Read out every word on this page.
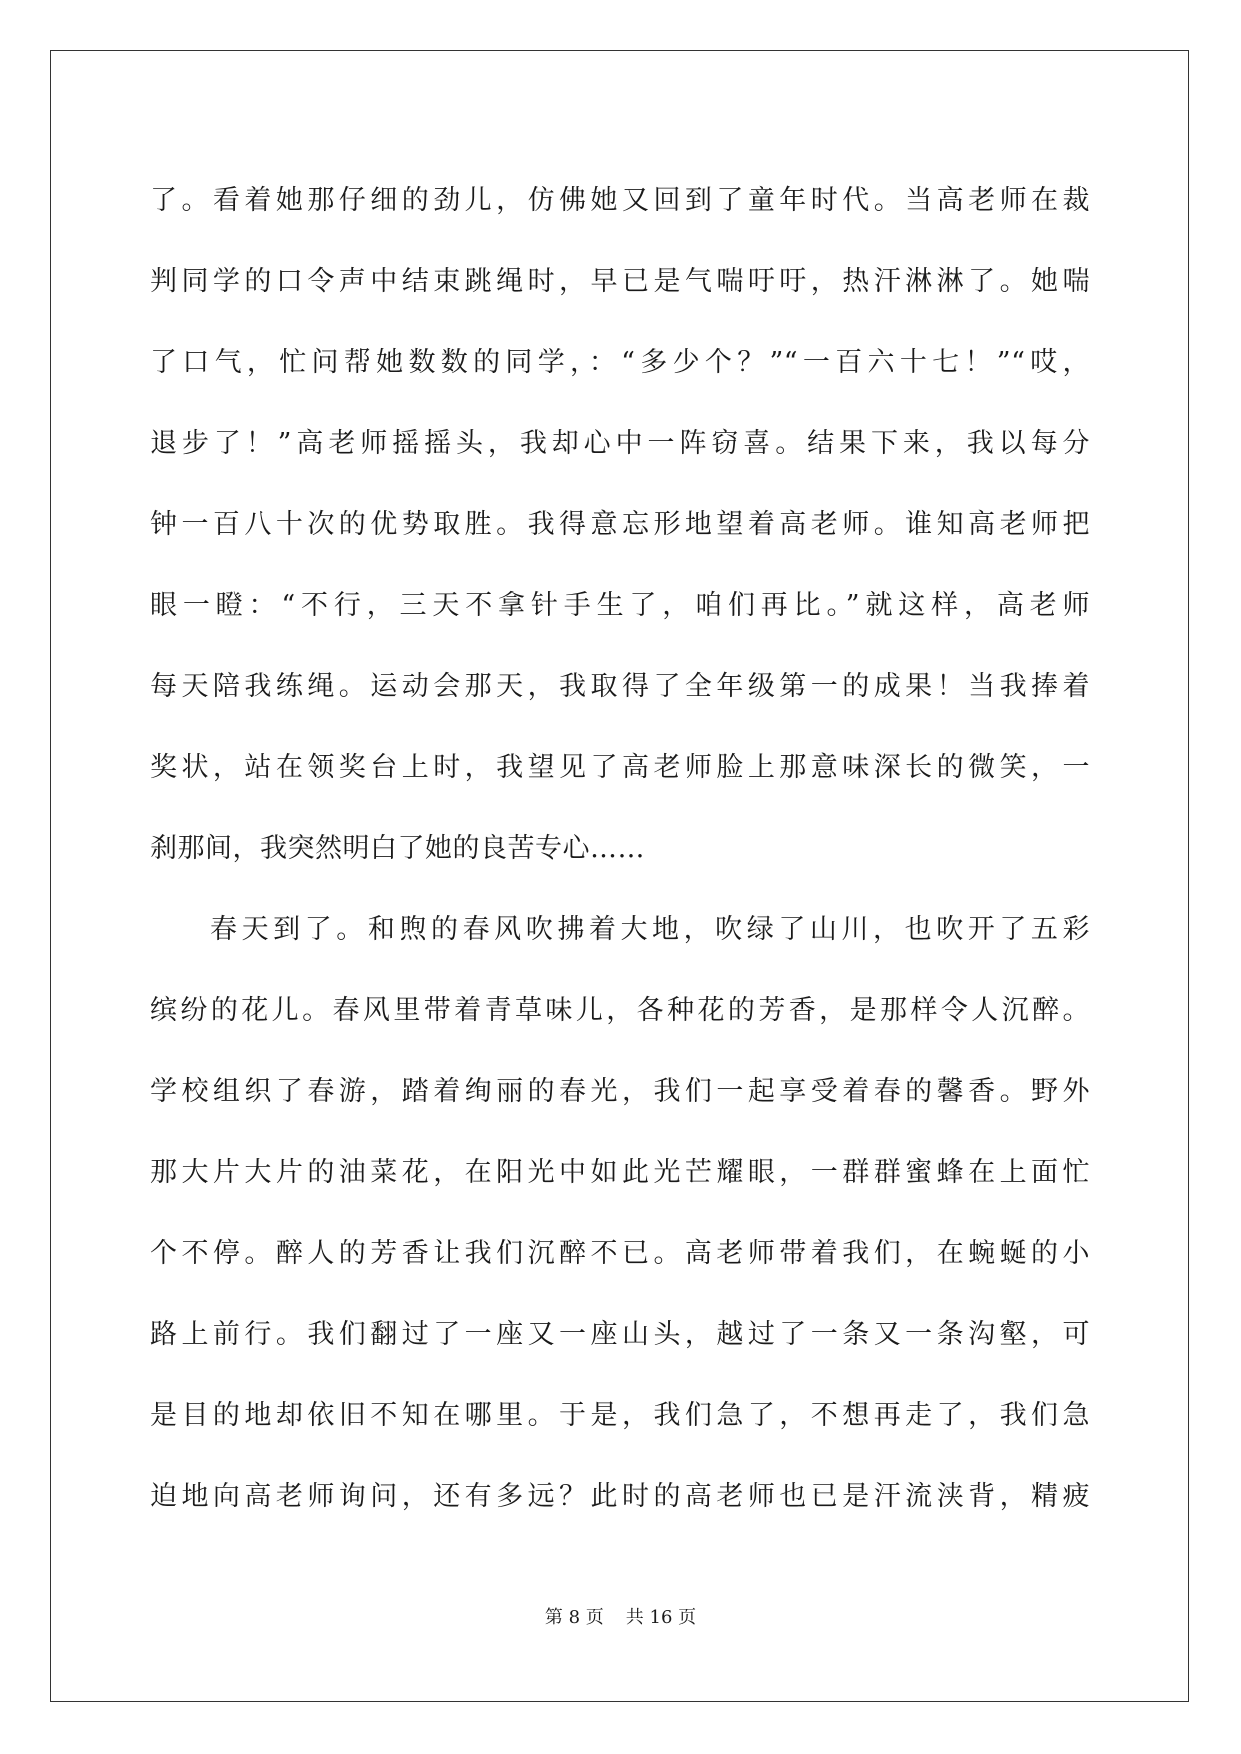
了。看着她那仔细的劲儿，仿佛她又回到了童年时代。当高老师在裁
判同学的口令声中结束跳绳时，早已是气喘吁吁，热汗淋淋了。她喘
了口气，忙问帮她数数的同学，：“多少个？”“一百六十七！”“哎，
退步了！”高老师摇摇头，我却心中一阵窃喜。结果下来，我以每分
钟一百八十次的优势取胜。我得意忘形地望着高老师。谁知高老师把
眼一瞪：“不行，三天不拿针手生了，咱们再比。”就这样，高老师
每天陪我练绳。运动会那天，我取得了全年级第一的成果！当我捧着
奖状，站在领奖台上时，我望见了高老师脸上那意味深长的微笑，一
刹那间，我突然明白了她的良苦专心……
春天到了。和煦的春风吹拂着大地，吹绿了山川，也吹开了五彩
缤纷的花儿。春风里带着青草味儿，各种花的芳香，是那样令人沉醉。
学校组织了春游，踏着绚丽的春光，我们一起享受着春的馨香。野外
那大片大片的油菜花，在阳光中如此光芒耀眼，一群群蜜蜂在上面忙
个不停。醉人的芳香让我们沉醉不已。高老师带着我们，在蜿蜒的小
路上前行。我们翻过了一座又一座山头，越过了一条又一条沟壑，可
是目的地却依旧不知在哪里。于是，我们急了，不想再走了，我们急
迫地向高老师询问，还有多远？此时的高老师也已是汗流浃背，精疲
第 8 页 共 16 页
